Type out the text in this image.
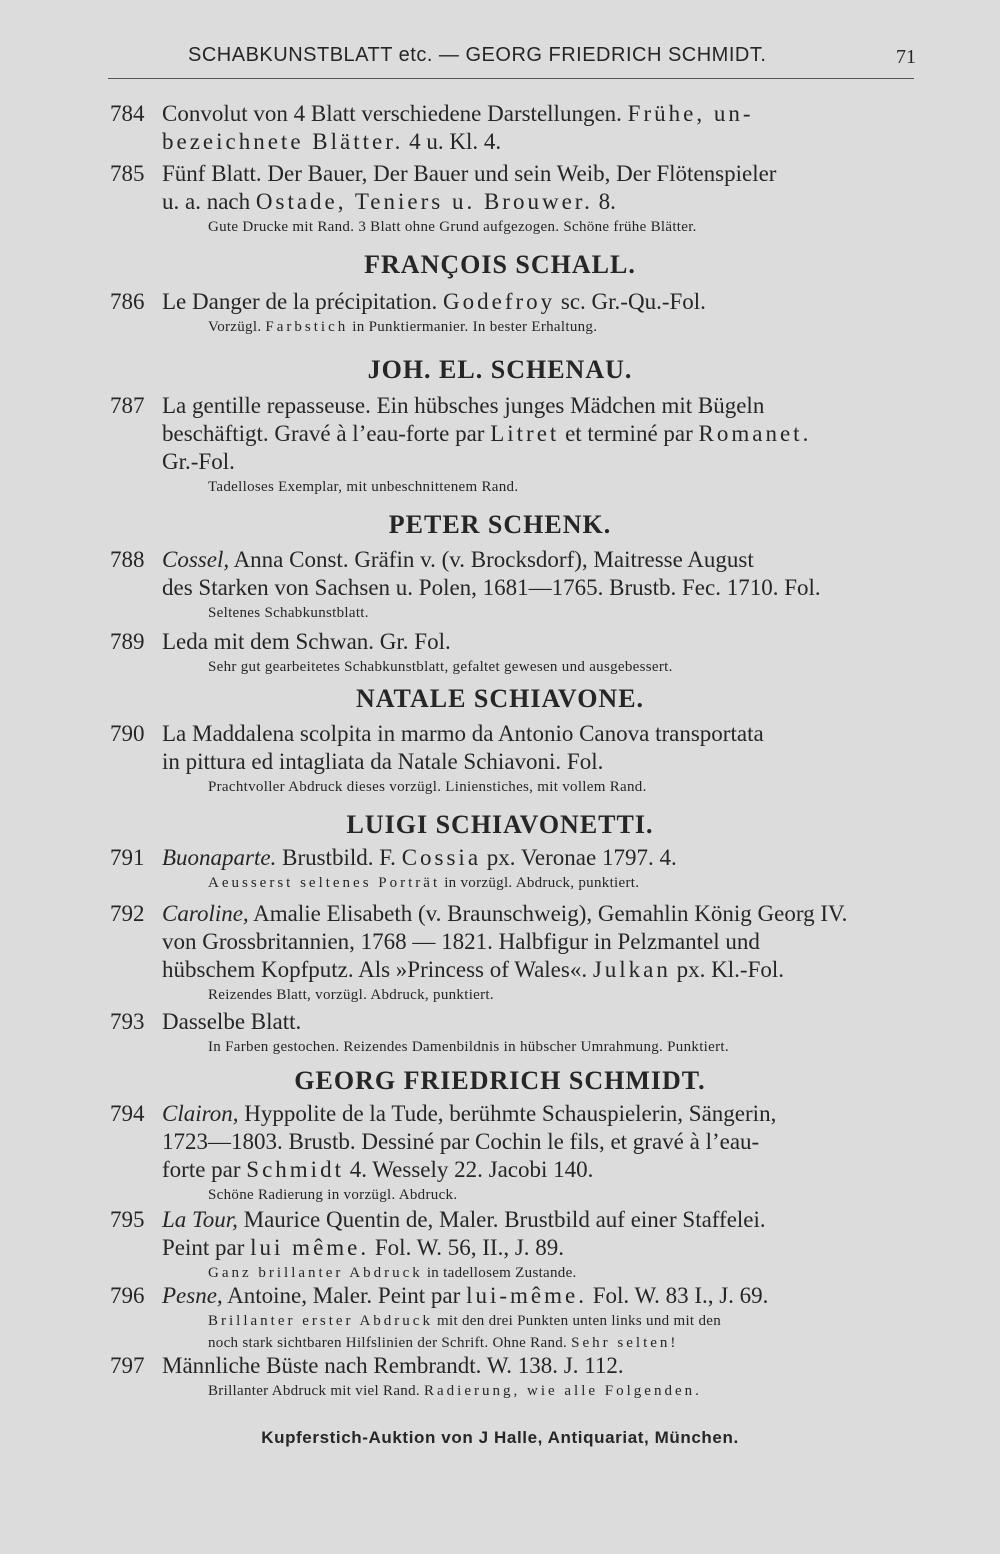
SCHABKUNSTBLATT etc. — GEORG FRIEDRICH SCHMIDT.	71
784 Convolut von 4 Blatt verschiedene Darstellungen. Frühe, un-
bezeichnete Blätter. 4 u. Kl. 4.
785 Fünf Blatt. Der Bauer, Der Bauer und sein Weib, Der Flötenspieler
u. a. nach Ostade, Teniers u. Brouwer. 8.
Gute Drucke mit Rand. 3 Blatt ohne Grund aufgezogen. Schöne frühe Blätter.
FRANÇOIS SCHALL.
786 Le Danger de la précipitation. Godefroy sc. Gr.-Qu.-Fol.
Vorzügl. Farbstich in Punktiermanier. In bester Erhaltung.
JOH. EL. SCHENAU.
787 La gentille repasseuse. Ein hübsches junges Mädchen mit Bügeln
beschäftigt. Gravé à l’eau-forte par Litret et terminé par Romanet.
Gr.-Fol.
Tadelloses Exemplar, mit unbeschnittenem Rand.
PETER SCHENK.
788 Cossel, Anna Const. Gräfin v. (v. Brocksdorf), Maitresse August
des Starken von Sachsen u. Polen, 1681—1765. Brustb. Fec. 1710. Fol.
Seltenes Schabkunstblatt.
789 Leda mit dem Schwan. Gr. Fol.
Sehr gut gearbeitetes Schabkunstblatt, gefaltet gewesen und ausgebessert.
NATALE SCHIAVONE.
790 La Maddalena scolpita in marmo da Antonio Canova transportata
in pittura ed intagliata da Natale Schiavoni. Fol.
Prachtvoller Abdruck dieses vorzügl. Linienstiches, mit vollem Rand.
LUIGI SCHIAVONETTI.
791 Buonaparte. Brustbild. F. Cossia px. Veronae 1797. 4.
Aeusserst seltenes Porträt in vorzügl. Abdruck, punktiert.
792 Caroline, Amalie Elisabeth (v. Braunschweig), Gemahlin König Georg IV.
von Grossbritannien, 1768 — 1821. Halbfigur in Pelzmantel und
hübschem Kopfputz. Als »Princess of Wales«. Julkan px. Kl.-Fol.
Reizendes Blatt, vorzügl. Abdruck, punktiert.
793 Dasselbe Blatt.
In Farben gestochen. Reizendes Damenbildnis in hübscher Umrahmung. Punktiert.
GEORG FRIEDRICH SCHMIDT.
794 Clairon, Hyppolite de la Tude, berühmte Schauspielerin, Sängerin,
1723—1803. Brustb. Dessiné par Cochin le fils, et gravé à l’eau-
forte par Schmidt 4. Wessely 22. Jacobi 140.
Schöne Radierung in vorzügl. Abdruck.
795 La Tour, Maurice Quentin de, Maler. Brustbild auf einer Staffelei.
Peint par lui même. Fol. W. 56, II., J. 89.
Ganz brillanter Abdruck in tadellosem Zustande.
796 Pesne, Antoine, Maler. Peint par lui-même. Fol. W. 83 I., J. 69.
Brillanter erster Abdruck mit den drei Punkten unten links und mit den
noch stark sichtbaren Hilfslinien der Schrift. Ohne Rand. Sehr selten!
797 Männliche Büste nach Rembrandt. W. 138. J. 112.
Brillanter Abdruck mit viel Rand. Radierung, wie alle Folgenden.
Kupferstich-Auktion von J Halle, Antiquariat, München.
